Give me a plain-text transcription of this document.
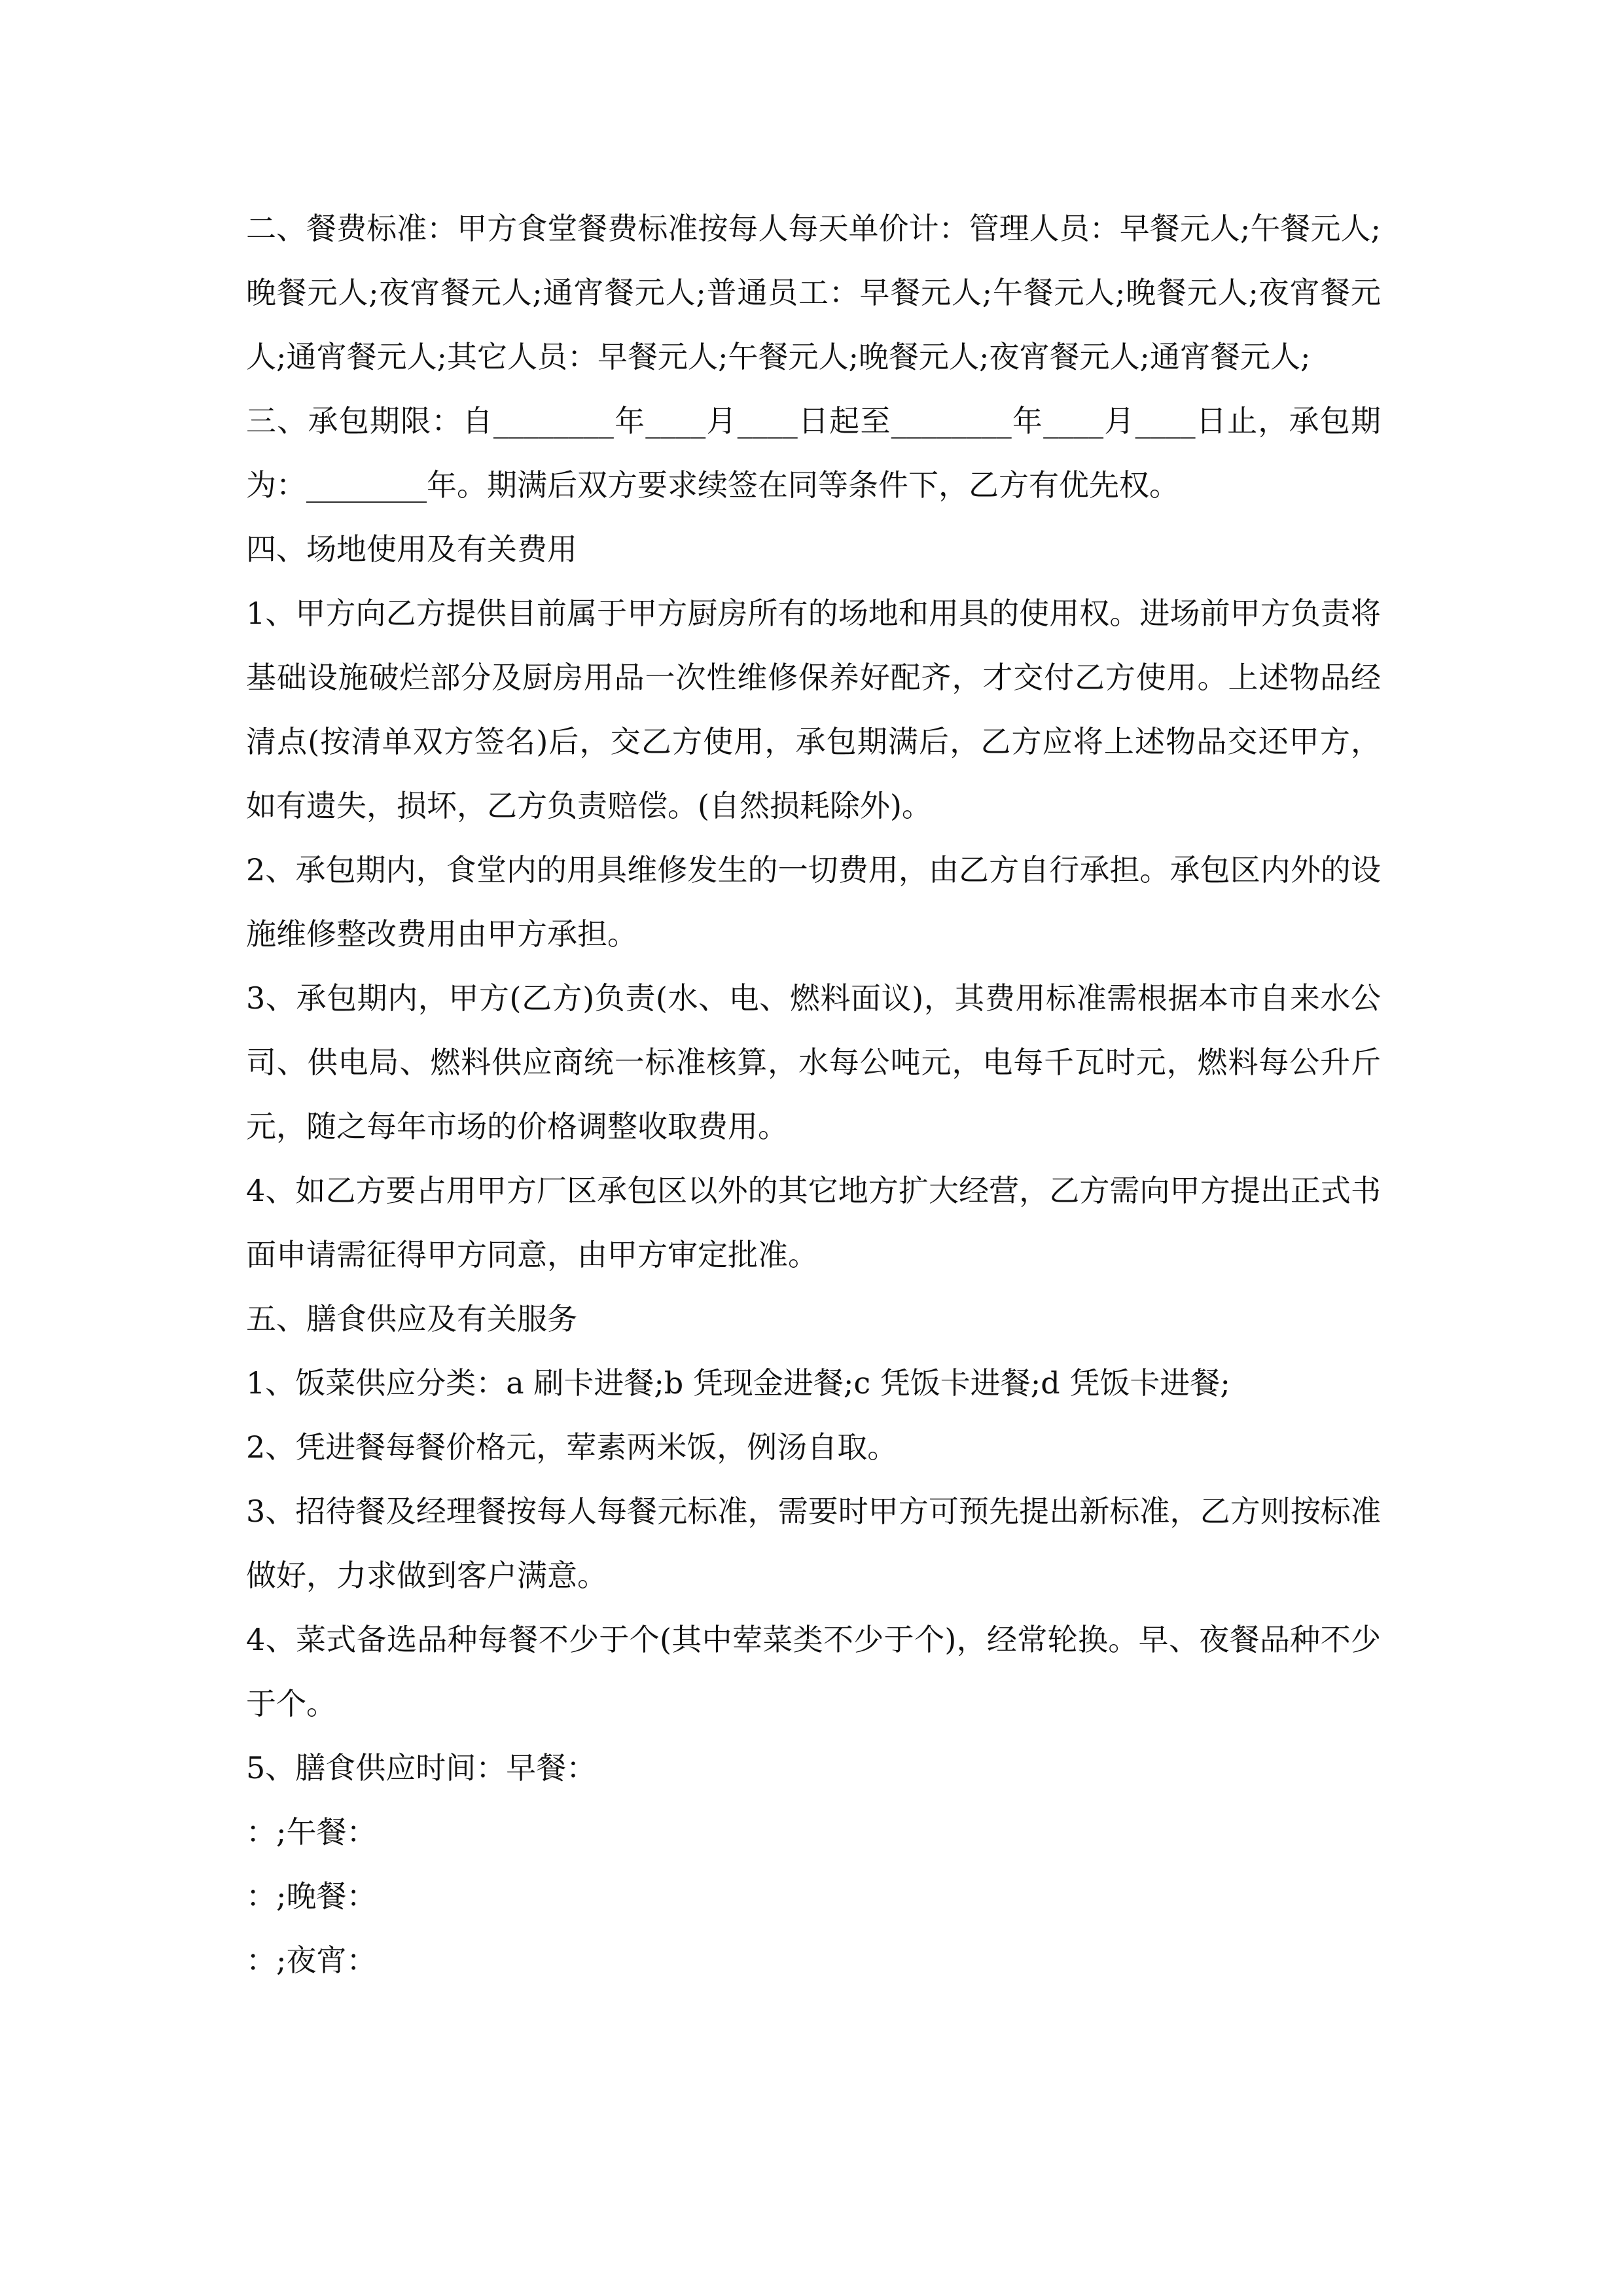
二、餐费标准：甲方食堂餐费标准按每人每天单价计：管理人员：早餐元人;午餐元人;晚餐元人;夜宵餐元人;通宵餐元人;普通员工：早餐元人;午餐元人;晚餐元人;夜宵餐元人;通宵餐元人;其它人员：早餐元人;午餐元人;晚餐元人;夜宵餐元人;通宵餐元人;

三、承包期限：自________年____月____日起至________年____月____日止，承包期为：________年。期满后双方要求续签在同等条件下，乙方有优先权。

四、场地使用及有关费用

1、甲方向乙方提供目前属于甲方厨房所有的场地和用具的使用权。进场前甲方负责将基础设施破烂部分及厨房用品一次性维修保养好配齐，才交付乙方使用。上述物品经清点(按清单双方签名)后，交乙方使用，承包期满后，乙方应将上述物品交还甲方，如有遗失，损坏，乙方负责赔偿。(自然损耗除外)。

2、承包期内，食堂内的用具维修发生的一切费用，由乙方自行承担。承包区内外的设施维修整改费用由甲方承担。

3、承包期内，甲方(乙方)负责(水、电、燃料面议)，其费用标准需根据本市自来水公司、供电局、燃料供应商统一标准核算，水每公吨元，电每千瓦时元，燃料每公升斤元，随之每年市场的价格调整收取费用。

4、如乙方要占用甲方厂区承包区以外的其它地方扩大经营，乙方需向甲方提出正式书面申请需征得甲方同意，由甲方审定批准。

五、膳食供应及有关服务

1、饭菜供应分类：a 刷卡进餐;b 凭现金进餐;c 凭饭卡进餐;d 凭饭卡进餐;

2、凭进餐每餐价格元，荤素两米饭，例汤自取。

3、招待餐及经理餐按每人每餐元标准，需要时甲方可预先提出新标准，乙方则按标准做好，力求做到客户满意。

4、菜式备选品种每餐不少于个(其中荤菜类不少于个)，经常轮换。早、夜餐品种不少于个。

5、膳食供应时间：早餐：

：;午餐：

：;晚餐：

：;夜宵：
